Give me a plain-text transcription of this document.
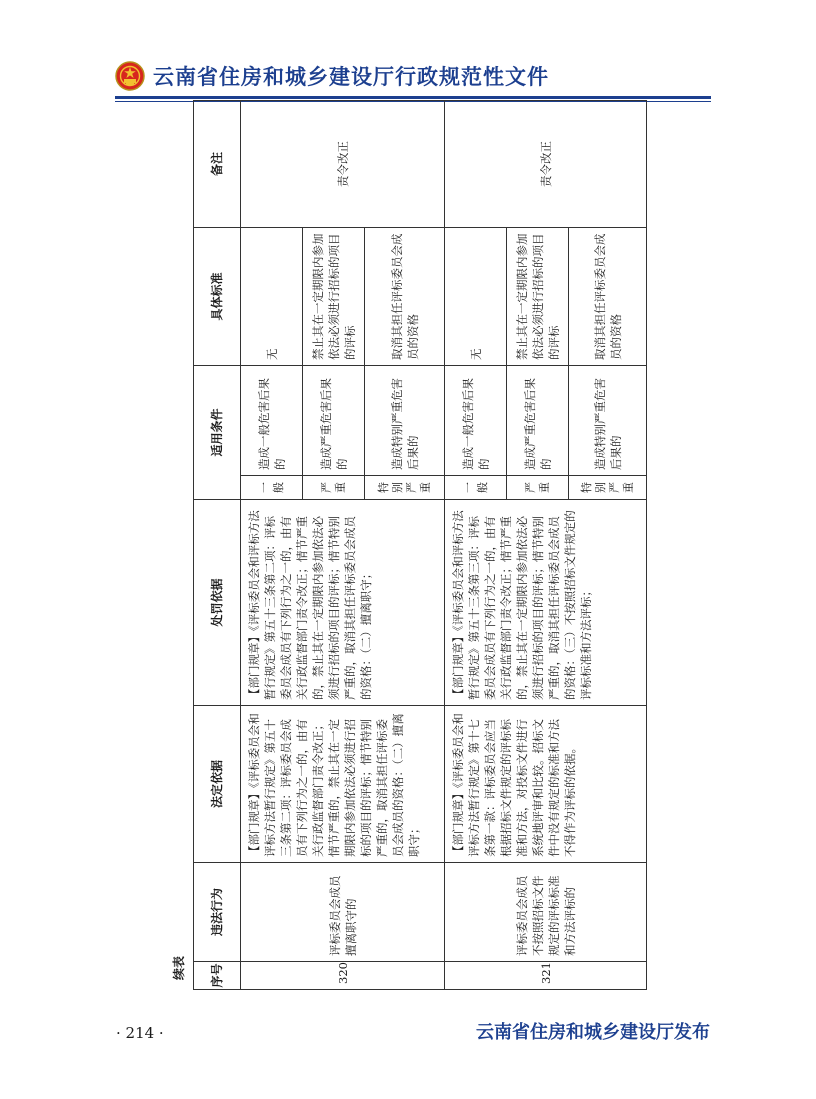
云南省住房和城乡建设厅行政规范性文件
续表	序号	违法行为	法定依据	处罚依据	适用条件		具体标准	备注
320	评标委员会成员擅离职守的	【部门规章】《评标委员会和评标方法暂行规定》第五十三条第二项：评标委员会成员有下列行为之一的，由有关行政监督部门责令改正；情节严重的，禁止其在一定期限内参加依法必须进行招标的项目的评标；情节特别严重的，取消其担任评标委员会成员的资格：（二）擅离职守；	【部门规章】《评标委员会和评标方法暂行规定》第五十三条第二项：评标委员会成员有下列行为之一的，由有关行政监督部门责令改正；情节严重的，禁止其在一定期限内参加依法必须进行招标的项目的评标；情节特别严重的，取消其担任评标委员会成员的资格：（二）擅离职守；	一般	造成一般危害后果的	无	责令改正
				严重	造成严重危害后果的	禁止其在一定期限内参加依法必须进行招标的项目的评标	
				特别严重	造成特别严重危害后果的	取消其担任评标委员会成员的资格	
321	评标委员会成员不按照招标文件规定的评标标准和方法评标的	【部门规章】《评标委员会和评标方法暂行规定》第十七条第一款：评标委员会应当根据招标文件规定的评标标准和方法，对投标文件进行系统地评审和比较。招标文件中没有规定的标准和方法不得作为评标的依据。	【部门规章】《评标委员会和评标方法暂行规定》第五十三条第三项：评标委员会成员有下列行为之一的，由有关行政监督部门责令改正；情节严重的，禁止其在一定期限内参加依法必须进行招标的项目的评标；情节特别严重的，取消其担任评标委员会成员的资格：（三）不按照招标文件规定的评标标准和方法评标；	一般	造成一般危害后果的	无	责令改正
				严重	造成严重危害后果的	禁止其在一定期限内参加依法必须进行招标的项目的评标	
				特别严重	造成特别严重危害后果的	取消其担任评标委员会成员的资格	
· 214 ·	云南省住房和城乡建设厅发布
